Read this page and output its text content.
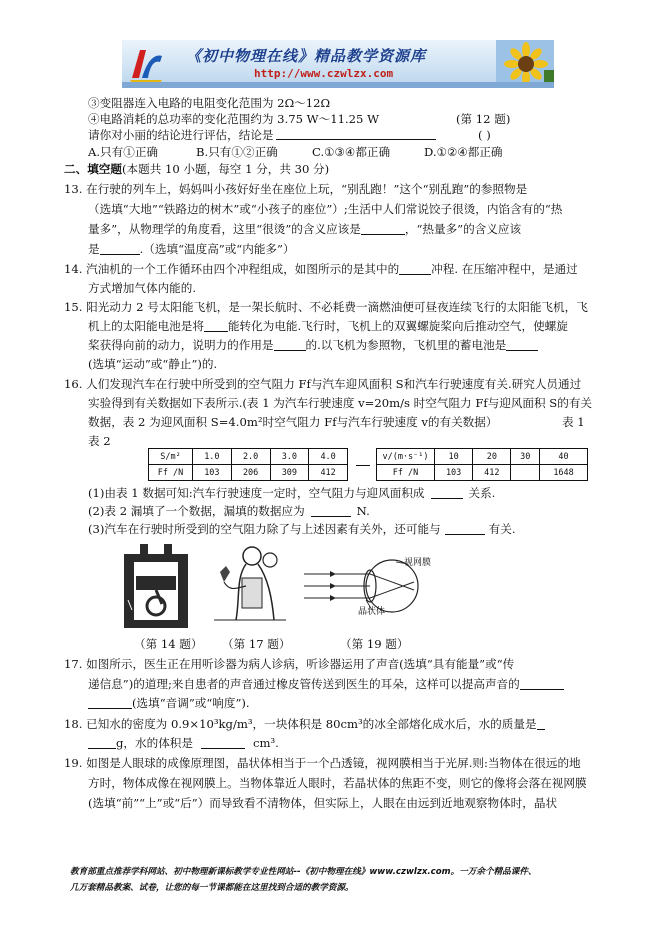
《初中物理在线》精品教学资源库
http://www.czwlzx.com
③变阻器连入电路的电阻变化范围为 2Ω～12Ω
④电路消耗的总功率的变化范围约为 3.75 W～11.25 W	(第 12 题)
请你对小丽的结论进行评估，结论是	( )
A.只有①正确	B.只有①②正确	C.①③④都正确	D.①②④都正确
二、填空题(本题共 10 小题，每空 1 分，共 30 分)
13. 在行驶的列车上，妈妈叫小孩好好坐在座位上玩，“别乱跑！”这个“别乱跑”的参照物是
（选填“大地”“铁路边的树木”或“小孩子的座位”）;生活中人们常说饺子很烫，内馅含有的“热
量多”，从物理学的角度看，这里“很烫”的含义应该是	，“热量多”的含义应该
是	.（选填“温度高”或“内能多”）
14. 汽油机的一个工作循环由四个冲程组成，如图所示的是其中的	冲程. 在压缩冲程中，是通过
方式增加气体内能的.
15. 阳光动力 2 号太阳能飞机，是一架长航时、不必耗费一滴燃油便可昼夜连续飞行的太阳能飞机，飞
机上的太阳能电池是将 能转化为电能.飞行时，飞机上的双翼螺旋桨向后推动空气，使螺旋
桨获得向前的动力，说明力的作用是	的.以飞机为参照物，飞机里的蓄电池是
(选填“运动”或“静止”)的.
16. 人们发现汽车在行驶中所受到的空气阻力 Ff与汽车迎风面积 S和汽车行驶速度有关.研究人员通过
实验得到有关数据如下表所示.(表 1 为汽车行驶速度 v=20m/s 时空气阻力 Ff与迎风面积 S的有关
数据，表 2 为迎风面积 S=4.0m²时空气阻力 Ff与汽车行驶速度 v的有关数据）	表 1
表 2
S/m²	1.0	2.0	3.0	4.0
Ff /N	103	206	309	412
v/(m·s⁻¹)	10	20	30	40
Ff /N	103	412		1648
(1)由表 1 数据可知:汽车行驶速度一定时，空气阻力与迎风面积成	关系.
(2)表 2 漏填了一个数据，漏填的数据应为	N.
(3)汽车在行驶时所受到的空气阻力除了与上述因素有关外，还可能与	有关.
视网膜
晶状体
（第 14 题） （第 17 题）	（第 19 题）
17. 如图所示，医生正在用听诊器为病人诊病，听诊器运用了声音(选填“具有能量”或“传
递信息”)的道理;来自患者的声音通过橡皮管传送到医生的耳朵，这样可以提高声音的
(选填“音调”或“响度”).
18. 已知水的密度为 0.9×10³kg/m³，一块体积是 80cm³的冰全部熔化成水后，水的质量是
g，水的体积是	cm³.
19. 如图是人眼球的成像原理图，晶状体相当于一个凸透镜，视网膜相当于光屏.则:当物体在很远的地
方时，物体成像在视网膜上。当物体靠近人眼时，若晶状体的焦距不变，则它的像将会落在视网膜
(选填“前”“上”或“后”）而导致看不清物体，但实际上，人眼在由远到近地观察物体时，晶状
教育部重点推荐学科网站、初中物理新课标教学专业性网站--《初中物理在线》www.czwlzx.com。一万余个精品课件、
几万套精品教案、试卷，让您的每一节课都能在这里找到合适的教学资源。
